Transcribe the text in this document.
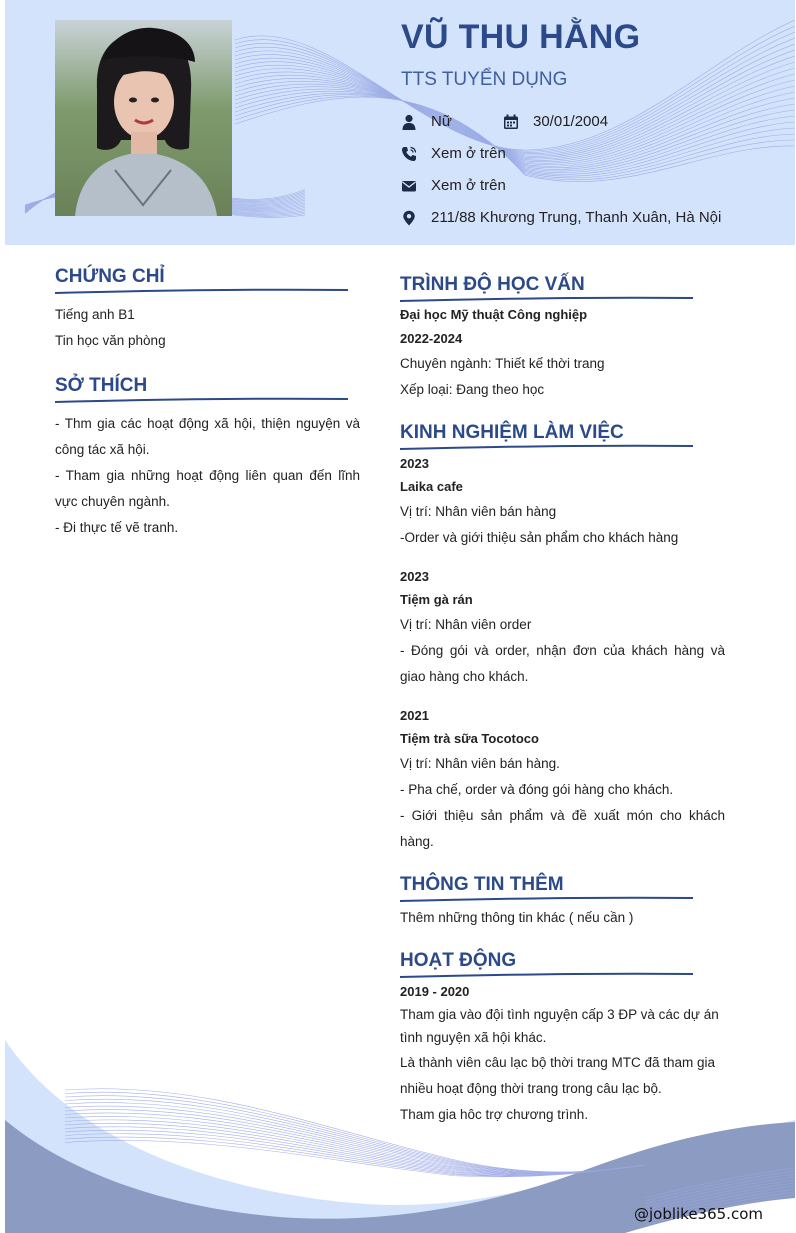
VŨ THU HẰNG
TTS TUYỂN DỤNG
Nữ	30/01/2004
Xem ở trên
Xem ở trên
211/88 Khương Trung, Thanh Xuân, Hà Nội
CHỨNG CHỈ
Tiếng anh B1
Tin học văn phòng
SỞ THÍCH
- Thm gia các hoạt động xã hội, thiện nguyện và công tác xã hội.
- Tham gia những hoạt động liên quan đến lĩnh vực chuyên ngành.
- Đi thực tế vẽ tranh.
TRÌNH ĐỘ HỌC VẤN
Đại học Mỹ thuật Công nghiệp
2022-2024
Chuyên ngành: Thiết kế thời trang
Xếp loại: Đang theo học
KINH NGHIỆM LÀM VIỆC
2023
Laika cafe
Vị trí: Nhân viên bán hàng
-Order và giới thiệu sản phẩm cho khách hàng
2023
Tiệm gà rán
Vị trí: Nhân viên order
- Đóng gói và order, nhận đơn của khách hàng và giao hàng cho khách.
2021
Tiệm trà sữa Tocotoco
Vị trí: Nhân viên bán hàng.
- Pha chế, order và đóng gói hàng cho khách.
- Giới thiệu sản phẩm và đề xuất món cho khách hàng.
THÔNG TIN THÊM
Thêm những thông tin khác ( nếu cần )
HOẠT ĐỘNG
2019 - 2020
Tham gia vào đội tình nguyện cấp 3 ĐP và các dự án tình nguyện xã hội khác.
Là thành viên câu lạc bộ thời trang MTC đã tham gia nhiều hoạt động thời trang trong câu lạc bộ.
Tham gia hôc trợ chương trình.
@joblike365.com
